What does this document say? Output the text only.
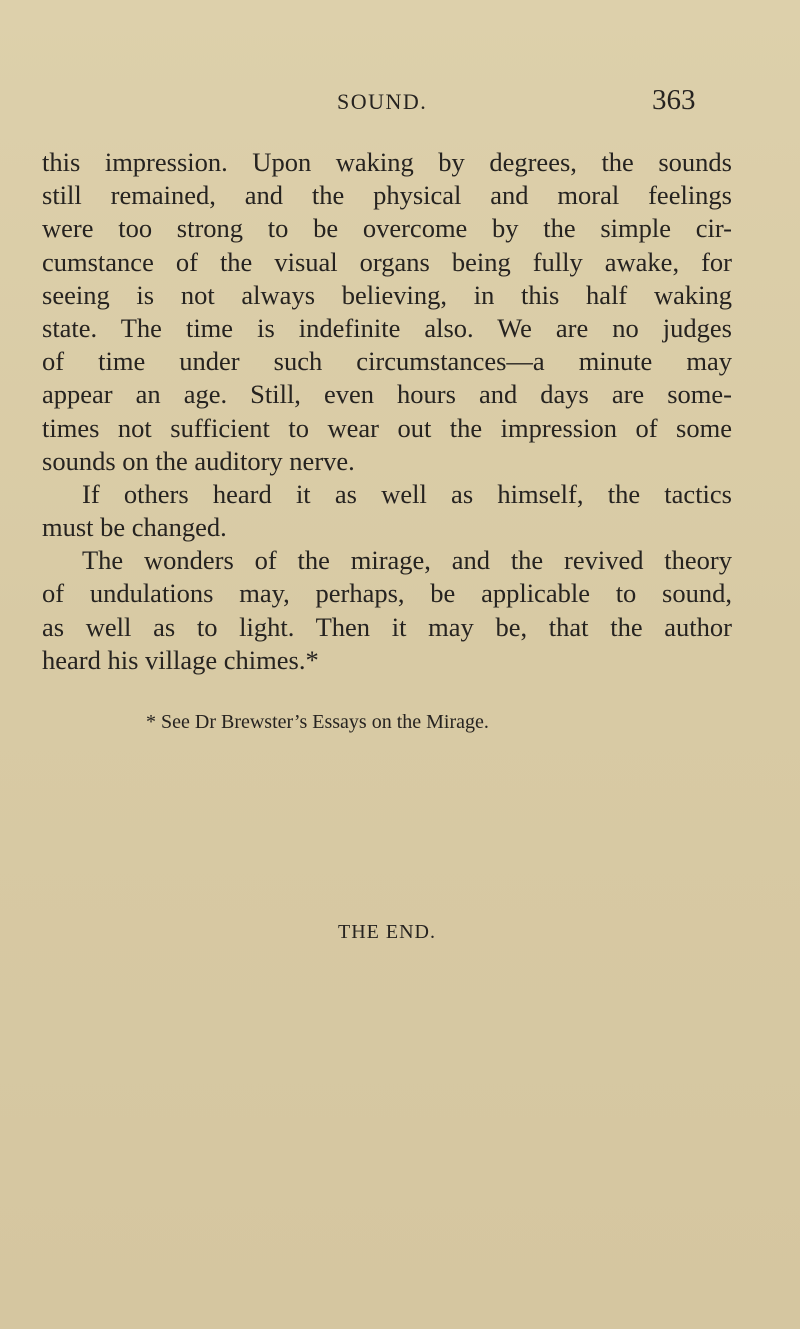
SOUND.	363
this impression. Upon waking by degrees, the sounds
still remained, and the physical and moral feelings
were too strong to be overcome by the simple cir-
cumstance of the visual organs being fully awake, for
seeing is not always believing, in this half waking
state. The time is indefinite also. We are no judges
of time under such circumstances—a minute may
appear an age. Still, even hours and days are some-
times not sufficient to wear out the impression of some
sounds on the auditory nerve.
If others heard it as well as himself, the tactics
must be changed.
The wonders of the mirage, and the revived theory
of undulations may, perhaps, be applicable to sound,
as well as to light. Then it may be, that the author
heard his village chimes.*
* See Dr Brewster’s Essays on the Mirage.
THE END.
